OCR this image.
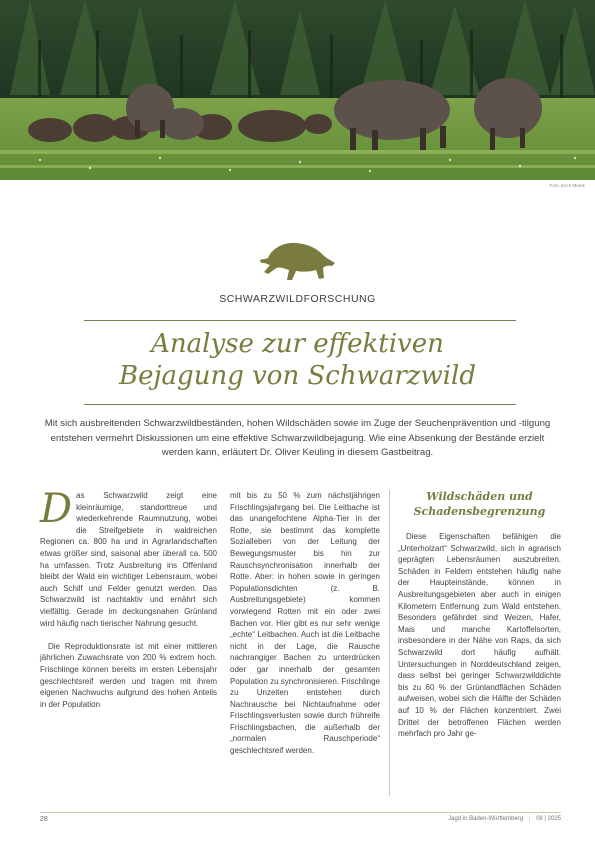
Foto: Erich Marek
SCHWARZWILDFORSCHUNG
Analyse zur effektiven
Bejagung von Schwarzwild

Mit sich ausbreitenden Schwarzwildbeständen, hohen Wildschäden sowie im Zuge der Seuchenprävention und -tilgung entstehen vermehrt Diskussionen um eine effektive Schwarzwildbejagung. Wie eine Absenkung der Bestände erzielt werden kann, erläutert Dr. Oliver Keuling in diesem Gastbeitrag.

D as Schwarzwild zeigt eine kleinräumige, standorttreue und wiederkehrende Raumnutzung, wobei die Streifgebiete in waldreichen Regionen ca. 800 ha und in Agrarlandschaften etwas größer sind, saisonal aber überall ca. 500 ha umfassen. Trotz Ausbreitung ins Offenland bleibt der Wald ein wichtiger Lebensraum, wobei auch Schilf und Felder genutzt werden. Das Schwarzwild ist nachtaktiv und ernährt sich vielfältig. Gerade im deckungsnahen Grünland wird häufig nach tierischer Nahrung gesucht.

Die Reproduktionsrate ist mit einer mittleren jährlichen Zuwachsrate von 200 % extrem hoch. Frischlinge können bereits im ersten Lebensjahr geschlechtsreif werden und tragen mit ihrem eigenen Nachwuchs aufgrund des hohen Anteils in der Population

mit bis zu 50 % zum nächstjährigen Frischlingsjahrgang bei. Die Leitbache ist das unangefochtene Alpha-Tier in der Rotte, sie bestimmt das komplette Sozialleben von der Leitung der Bewegungsmuster bis hin zur Rauschsynchronisation innerhalb der Rotte. Aber: in hohen sowie in geringen Populationsdichten (z. B. Ausbreitungsgebiete) kommen vorwiegend Rotten mit ein oder zwei Bachen vor. Hier gibt es nur sehr wenige „echte“ Leitbachen. Auch ist die Leitbache nicht in der Lage, die Rausche nachrangiger Bachen zu unterdrücken oder gar innerhalb der gesamten Population zu synchronisieren. Frischlinge zu Unzeiten entstehen durch Nachrausche bei Nichtaufnahme oder Frischlingsverlusten sowie durch frühreife Frischlingsbachen, die außerhalb der „normalen Rauschperiode“ geschlechtsreif werden.

Wildschäden und
Schadensbegrenzung

Diese Eigenschaften befähigen die „Unterholzart“ Schwarzwild, sich in agrarisch geprägten Lebensräumen auszubreiten. Schäden in Feldern entstehen häufig nahe der Haupteinstände, können in Ausbreitungsgebieten aber auch in einigen Kilometern Entfernung zum Wald entstehen. Besonders gefährdet sind Weizen, Hafer, Mais und manche Kartoffelsorten, insbesondere in der Nähe von Raps, da sich Schwarzwild dort häufig aufhält. Untersuchungen in Norddeutschland zeigen, dass selbst bei geringer Schwarzwilddichte bis zu 60 % der Grünlandflächen Schäden aufweisen, wobei sich die Hälfte der Schäden auf 10 % der Flächen konzentriert. Zwei Drittel der betroffenen Flächen werden mehrfach pro Jahr ge-

28	Jagd in Baden-Württemberg | 08 | 2025
